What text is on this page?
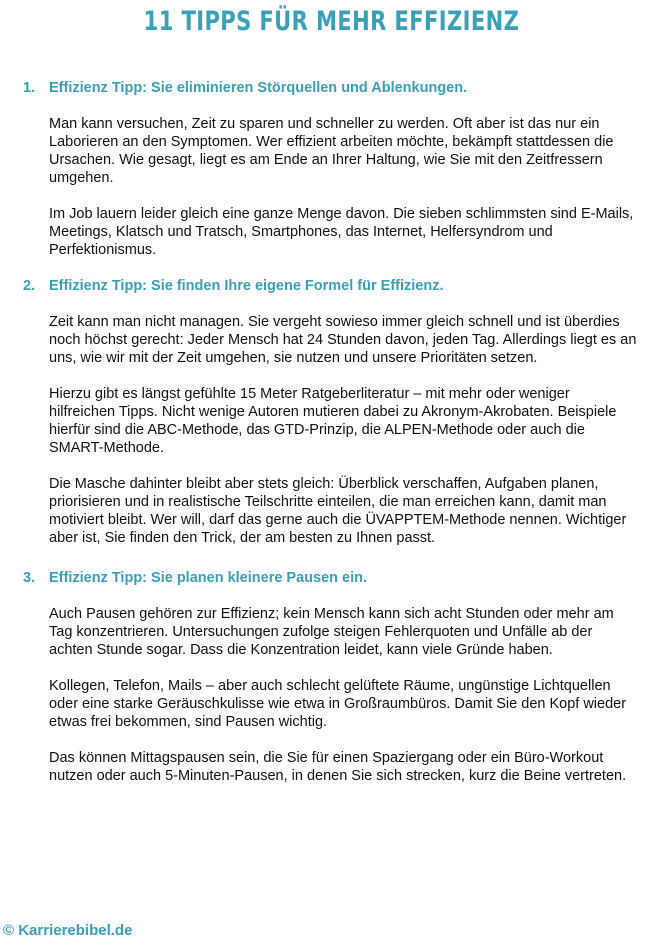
11 TIPPS FÜR MEHR EFFIZIENZ
1. Effizienz Tipp: Sie eliminieren Störquellen und Ablenkungen.

Man kann versuchen, Zeit zu sparen und schneller zu werden. Oft aber ist das nur ein Laborieren an den Symptomen. Wer effizient arbeiten möchte, bekämpft stattdessen die Ursachen. Wie gesagt, liegt es am Ende an Ihrer Haltung, wie Sie mit den Zeitfressern umgehen.

Im Job lauern leider gleich eine ganze Menge davon. Die sieben schlimmsten sind E-Mails, Meetings, Klatsch und Tratsch, Smartphones, das Internet, Helfersyndrom und Perfektionismus.

2. Effizienz Tipp: Sie finden Ihre eigene Formel für Effizienz.

Zeit kann man nicht managen. Sie vergeht sowieso immer gleich schnell und ist überdies noch höchst gerecht: Jeder Mensch hat 24 Stunden davon, jeden Tag. Allerdings liegt es an uns, wie wir mit der Zeit umgehen, sie nutzen und unsere Prioritäten setzen.

Hierzu gibt es längst gefühlte 15 Meter Ratgeberliteratur – mit mehr oder weniger hilfreichen Tipps. Nicht wenige Autoren mutieren dabei zu Akronym-Akrobaten. Beispiele hierfür sind die ABC-Methode, das GTD-Prinzip, die ALPEN-Methode oder auch die SMART-Methode.

Die Masche dahinter bleibt aber stets gleich: Überblick verschaffen, Aufgaben planen, priorisieren und in realistische Teilschritte einteilen, die man erreichen kann, damit man motiviert bleibt. Wer will, darf das gerne auch die ÜVAPPTEM-Methode nennen. Wichtiger aber ist, Sie finden den Trick, der am besten zu Ihnen passt.

3. Effizienz Tipp: Sie planen kleinere Pausen ein.

Auch Pausen gehören zur Effizienz; kein Mensch kann sich acht Stunden oder mehr am Tag konzentrieren. Untersuchungen zufolge steigen Fehlerquoten und Unfälle ab der achten Stunde sogar. Dass die Konzentration leidet, kann viele Gründe haben.

Kollegen, Telefon, Mails – aber auch schlecht gelüftete Räume, ungünstige Lichtquellen oder eine starke Geräuschkulisse wie etwa in Großraumbüros. Damit Sie den Kopf wieder etwas frei bekommen, sind Pausen wichtig.

Das können Mittagspausen sein, die Sie für einen Spaziergang oder ein Büro-Workout nutzen oder auch 5-Minuten-Pausen, in denen Sie sich strecken, kurz die Beine vertreten.

© Karrierebibel.de
